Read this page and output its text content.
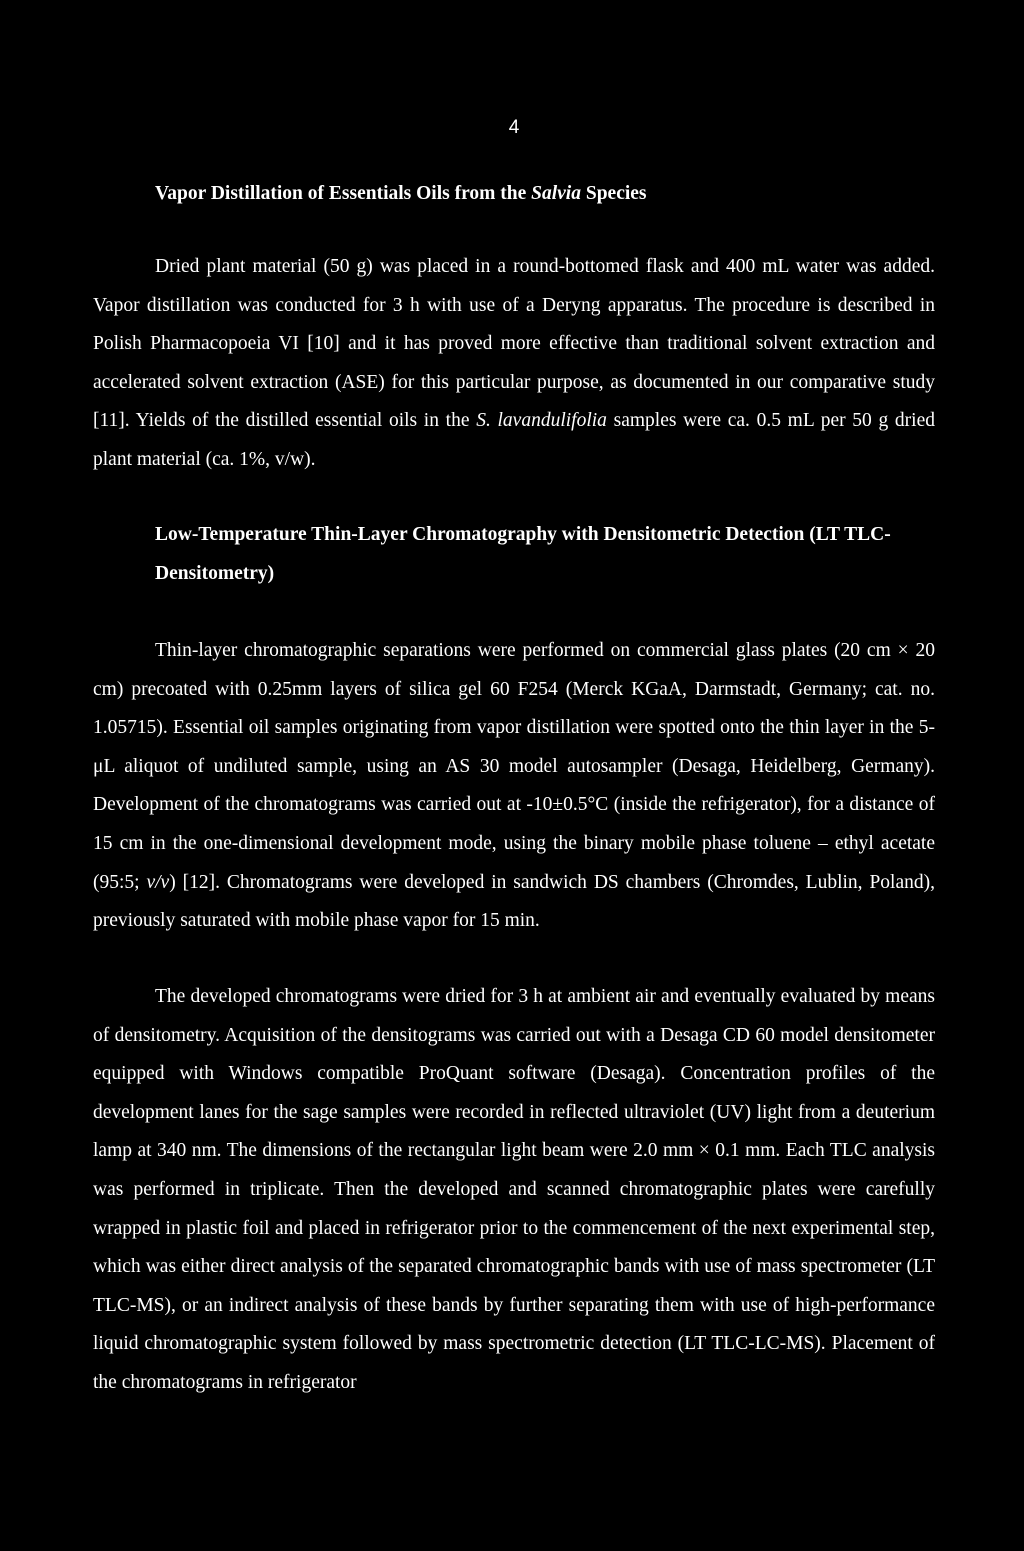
4
Vapor Distillation of Essentials Oils from the Salvia Species

Dried plant material (50 g) was placed in a round-bottomed flask and 400 mL water was added. Vapor distillation was conducted for 3 h with use of a Deryng apparatus. The procedure is described in Polish Pharmacopoeia VI [10] and it has proved more effective than traditional solvent extraction and accelerated solvent extraction (ASE) for this particular purpose, as documented in our comparative study [11]. Yields of the distilled essential oils in the S. lavandulifolia samples were ca. 0.5 mL per 50 g dried plant material (ca. 1%, v/w).

Low-Temperature Thin-Layer Chromatography with Densitometric Detection (LT TLC-Densitometry)

Thin-layer chromatographic separations were performed on commercial glass plates (20 cm × 20 cm) precoated with 0.25mm layers of silica gel 60 F254 (Merck KGaA, Darmstadt, Germany; cat. no. 1.05715). Essential oil samples originating from vapor distillation were spotted onto the thin layer in the 5-μL aliquot of undiluted sample, using an AS 30 model autosampler (Desaga, Heidelberg, Germany). Development of the chromatograms was carried out at -10±0.5°C (inside the refrigerator), for a distance of 15 cm in the one-dimensional development mode, using the binary mobile phase toluene – ethyl acetate (95:5; v/v) [12]. Chromatograms were developed in sandwich DS chambers (Chromdes, Lublin, Poland), previously saturated with mobile phase vapor for 15 min.

The developed chromatograms were dried for 3 h at ambient air and eventually evaluated by means of densitometry. Acquisition of the densitograms was carried out with a Desaga CD 60 model densitometer equipped with Windows compatible ProQuant software (Desaga). Concentration profiles of the development lanes for the sage samples were recorded in reflected ultraviolet (UV) light from a deuterium lamp at 340 nm. The dimensions of the rectangular light beam were 2.0 mm × 0.1 mm. Each TLC analysis was performed in triplicate. Then the developed and scanned chromatographic plates were carefully wrapped in plastic foil and placed in refrigerator prior to the commencement of the next experimental step, which was either direct analysis of the separated chromatographic bands with use of mass spectrometer (LT TLC-MS), or an indirect analysis of these bands by further separating them with use of high-performance liquid chromatographic system followed by mass spectrometric detection (LT TLC-LC-MS). Placement of the chromatograms in refrigerator
